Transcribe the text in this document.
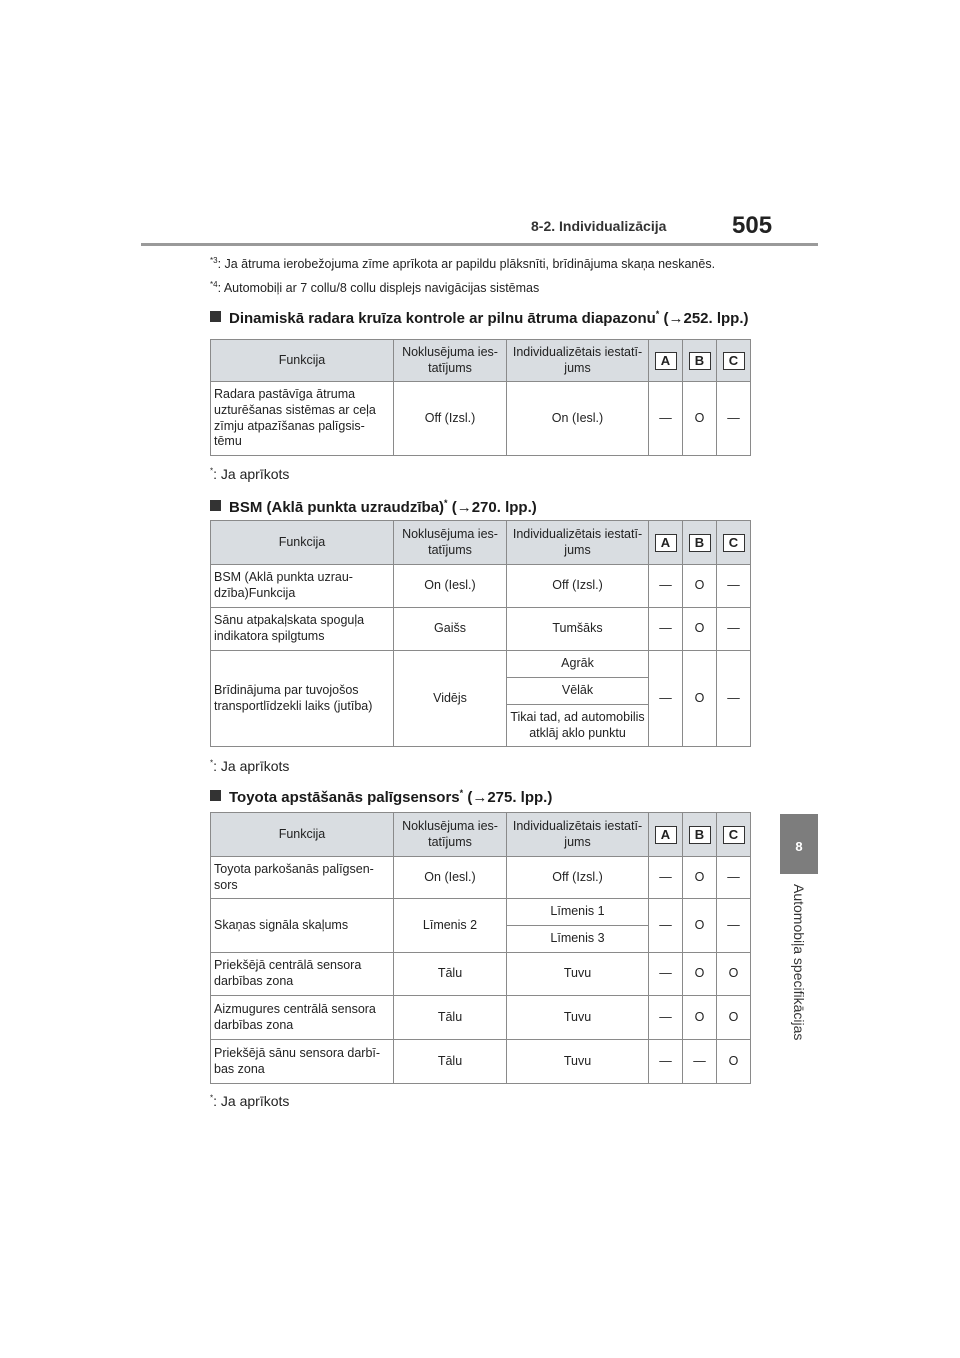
8-2. Individualizācija	505
8
Automobiļa specifikācijas
$^{*3}$: Ja ātruma ierobežojuma zīme aprīkota ar papildu plāksnīti, brīdinājuma skaņa neskanēs.
$^{*4}$: Automobiļi ar 7 collu/8 collu displejs navigācijas sistēmas
Dinamiskā radara kruīza kontrole ar pilnu ātruma diapazonu* (→252. lpp.)
Funkcija	Noklusējuma ies-tatījums	Individualizētais iestatī-jums	A	B	C
Radara pastāvīga ātruma uzturēšanas sistēmas ar ceļa zīmju atpazīšanas palīgsis-tēmu	Off (Izsl.)	On (Iesl.)	—	O	—
*: Ja aprīkots
BSM (Aklā punkta uzraudzība)* (→270. lpp.)
Funkcija	Noklusējuma ies-tatījums	Individualizētais iestatī-jums	A	B	C
BSM (Aklā punkta uzrau-dzība)Funkcija	On (Iesl.)	Off (Izsl.)	—	O	—
Sānu atpakaļskata spoguļa indikatora spilgtums	Gaišs	Tumšāks	—	O	—
Brīdinājuma par tuvojošos transportlīdzekli laiks (jutība)	Vidējs	Agrāk	—	O	—
		Vēlāk			
		Tikai tad, ad automobilis atklāj aklo punktu			
*: Ja aprīkots
Toyota apstāšanās palīgsensors* (→275. lpp.)
Funkcija	Noklusējuma ies-tatījums	Individualizētais iestatī-jums	A	B	C
Toyota parkošanās palīgsen-sors	On (Iesl.)	Off (Izsl.)	—	O	—
Skaņas signāla skaļums	Līmenis 2	Līmenis 1	—	O	—
		Līmenis 3			
Priekšējā centrālā sensora darbības zona	Tālu	Tuvu	—	O	O
Aizmugures centrālā sensora darbības zona	Tālu	Tuvu	—	O	O
Priekšējā sānu sensora darbī-bas zona	Tālu	Tuvu	—	—	O
*: Ja aprīkots
